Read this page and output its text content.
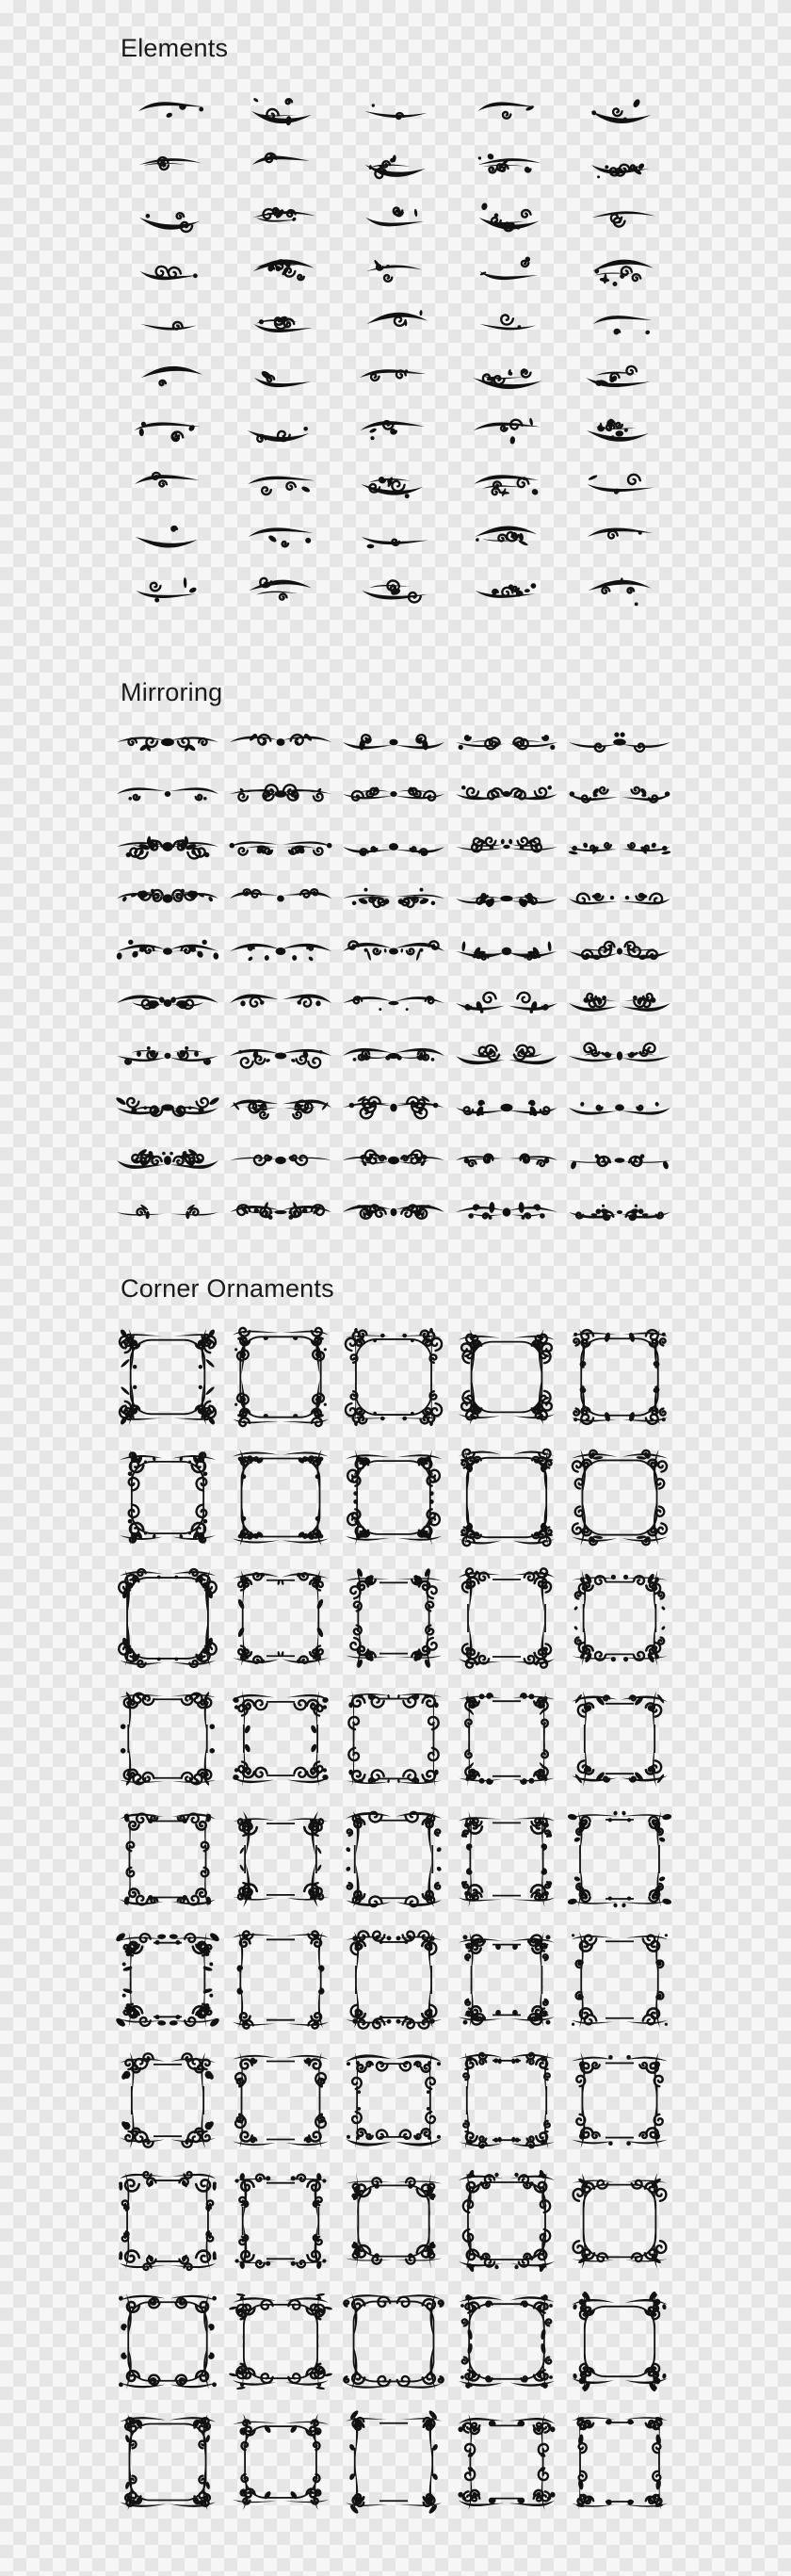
Elements
Mirroring
Corner Ornaments
